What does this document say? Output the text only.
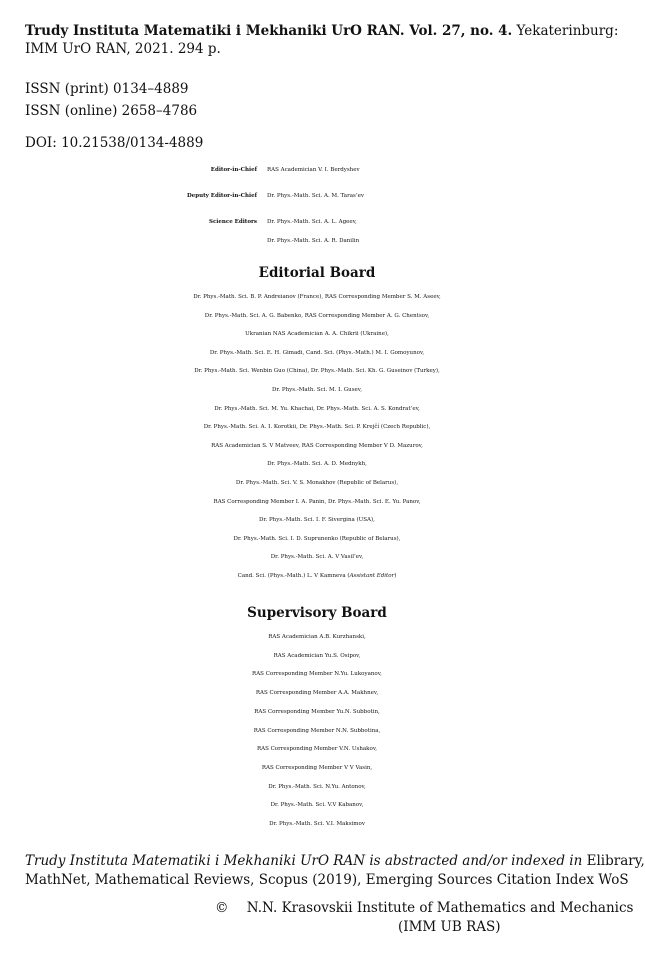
Trudy Instituta Matematiki i Mekhaniki UrO RAN. Vol. 27, no. 4. Yekaterinburg:
IMM UrO RAN, 2021. 294 p.
ISSN (print) 0134–4889
ISSN (online) 2658–4786
DOI: 10.21538/0134-4889
Editor-in-Chief RAS Academician V. I. Berdyshev
Deputy Editor-in-Chief Dr. Phys.-Math. Sci. A. M. Taras’ev
Science Editors Dr. Phys.-Math. Sci. A. L. Ageev,
Dr. Phys.-Math. Sci. A. R. Danilin
Editorial Board
Dr. Phys.-Math. Sci. B. P. Andreianov (France), RAS Corresponding Member S. M. Aseev,
Dr. Phys.-Math. Sci. A. G. Babenko, RAS Corresponding Member A. G. Chentsov,
Ukranian NAS Academician A. A. Chikrii (Ukraine),
Dr. Phys.-Math. Sci. E. H. Gimadi, Cand. Sci. (Phys.-Math.) M. I. Gomoyunov,
Dr. Phys.-Math. Sci. Wenbin Guo (China), Dr. Phys.-Math. Sci. Kh. G. Guseinov (Turkey),
Dr. Phys.-Math. Sci. M. I. Gusev,
Dr. Phys.-Math. Sci. M. Yu. Khachai, Dr. Phys.-Math. Sci. A. S. Kondrat’ev,
Dr. Phys.-Math. Sci. A. I. Korotkii, Dr. Phys.-Math. Sci. P. Krejčí (Czech Republic),
RAS Academician S. V Matveev, RAS Corresponding Member V D. Mazurov,
Dr. Phys.-Math. Sci. A. D. Mednykh,
Dr. Phys.-Math. Sci. V. S. Monakhov (Republic of Belarus),
RAS Corresponding Member I. A. Panin, Dr. Phys.-Math. Sci. E. Yu. Panov,
Dr. Phys.-Math. Sci. I. F. Sivergina (USA),
Dr. Phys.-Math. Sci. I. D. Suprunenko (Republic of Belarus),
Dr. Phys.-Math. Sci. A. V Vasil’ev,
Cand. Sci. (Phys.-Math.) L. V Kamneva (Assistant Editor)
Supervisory Board
RAS Academician A.B. Kurzhanski,
RAS Academician Yu.S. Osipov,
RAS Corresponding Member N.Yu. Lukoyanov,
RAS Corresponding Member A.A. Makhnev,
RAS Corresponding Member Yu.N. Subbotin,
RAS Corresponding Member N.N. Subbotina,
RAS Corresponding Member V.N. Ushakov,
RAS Corresponding Member V V Vasin,
Dr. Phys.-Math. Sci. N.Yu. Antonov,
Dr. Phys.-Math. Sci. V.V Kabanov,
Dr. Phys.-Math. Sci. V.I. Maksimov
Trudy Instituta Matematiki i Mekhaniki UrO RAN is abstracted and/or indexed in Elibrary,
MathNet, Mathematical Reviews, Scopus (2019), Emerging Sources Citation Index WoS
© N.N. Krasovskii Institute of Mathematics and Mechanics
(IMM UB RAS)
